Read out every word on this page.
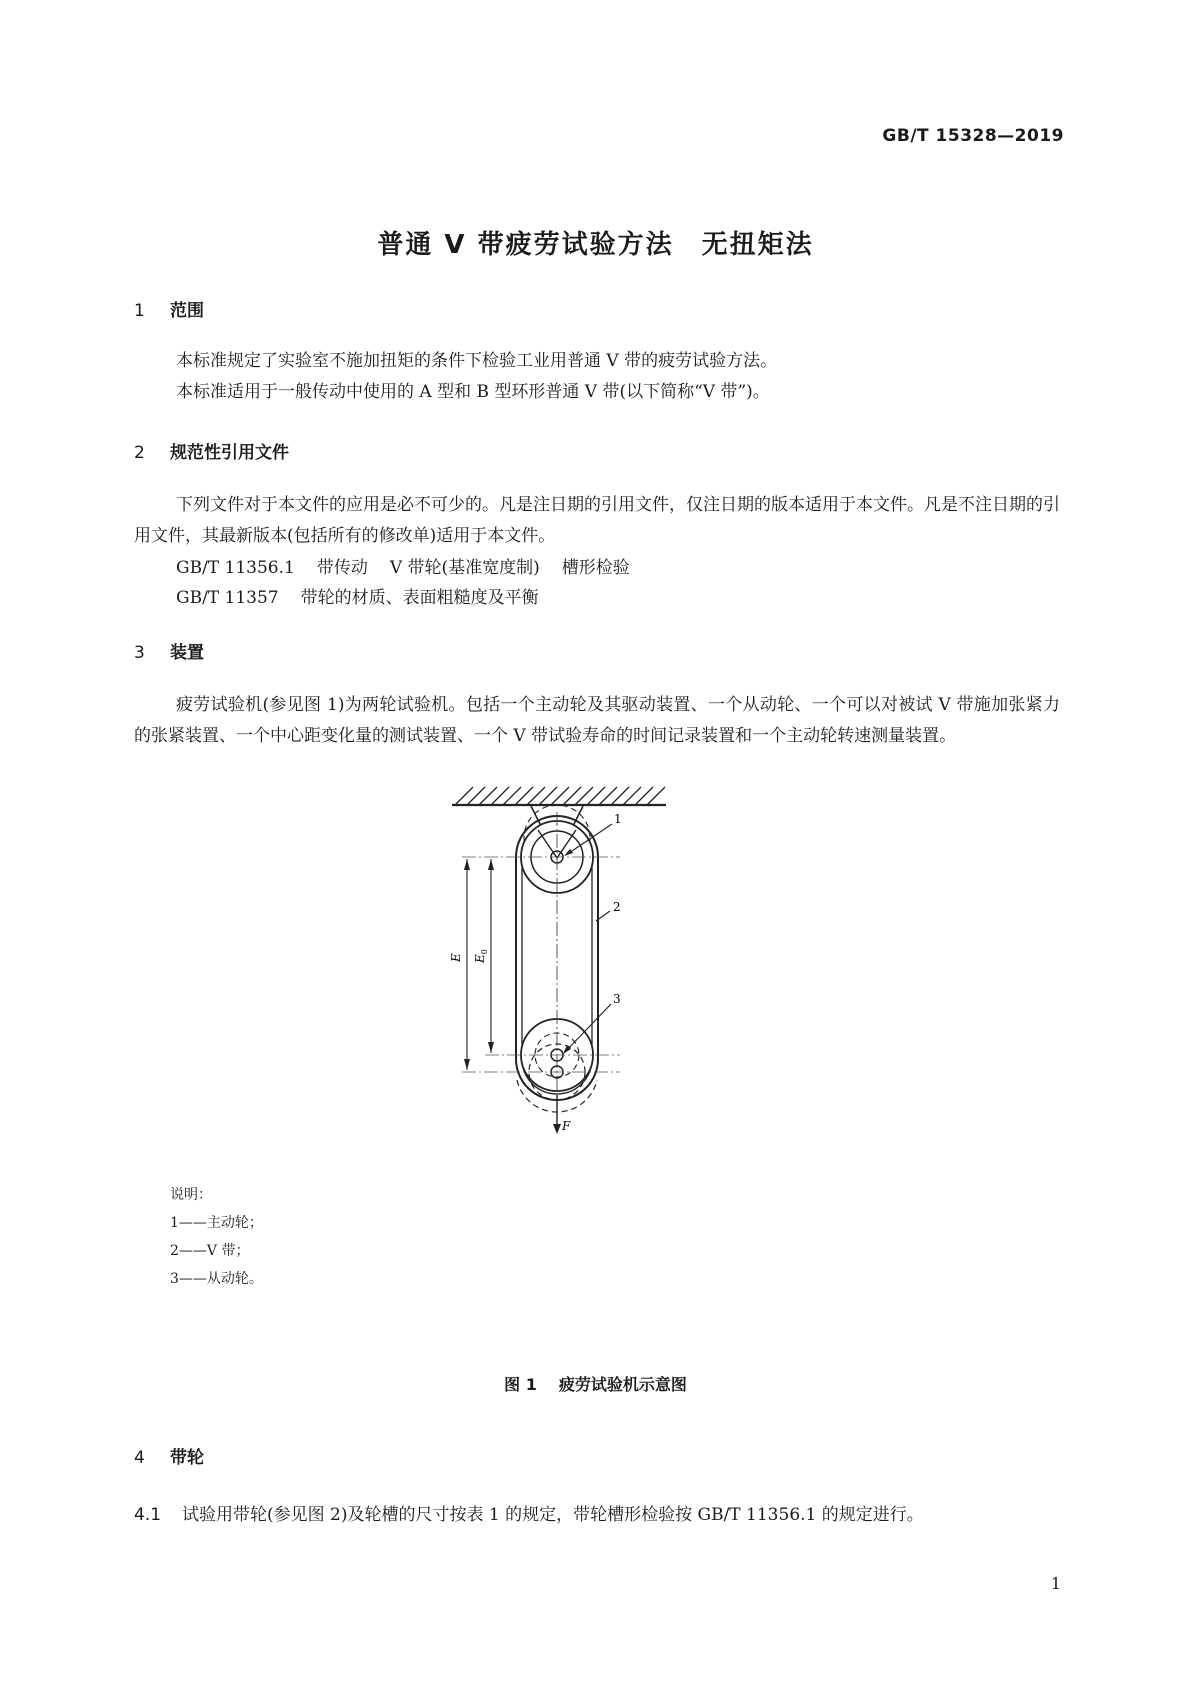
GB/T 15328—2019
普通 V 带疲劳试验方法　无扭矩法
1 范围
本标准规定了实验室不施加扭矩的条件下检验工业用普通 V 带的疲劳试验方法。
本标准适用于一般传动中使用的 A 型和 B 型环形普通 V 带(以下简称“V 带”)。
2 规范性引用文件
下列文件对于本文件的应用是必不可少的。凡是注日期的引用文件，仅注日期的版本适用于本文件。凡是不注日期的引用文件，其最新版本(包括所有的修改单)适用于本文件。
GB/T 11356.1 带传动 V 带轮(基准宽度制) 槽形检验
GB/T 11357 带轮的材质、表面粗糙度及平衡
3 装置
疲劳试验机(参见图 1)为两轮试验机。包括一个主动轮及其驱动装置、一个从动轮、一个可以对被试 V 带施加张紧力的张紧装置、一个中心距变化量的测试装置、一个 V 带试验寿命的时间记录装置和一个主动轮转速测量装置。
F
E $E_0$
1
2
3
说明：
1——主动轮；
2——V 带；
3——从动轮。
图 1 疲劳试验机示意图
4 带轮
4.1 试验用带轮(参见图 2)及轮槽的尺寸按表 1 的规定，带轮槽形检验按 GB/T 11356.1 的规定进行。
1
